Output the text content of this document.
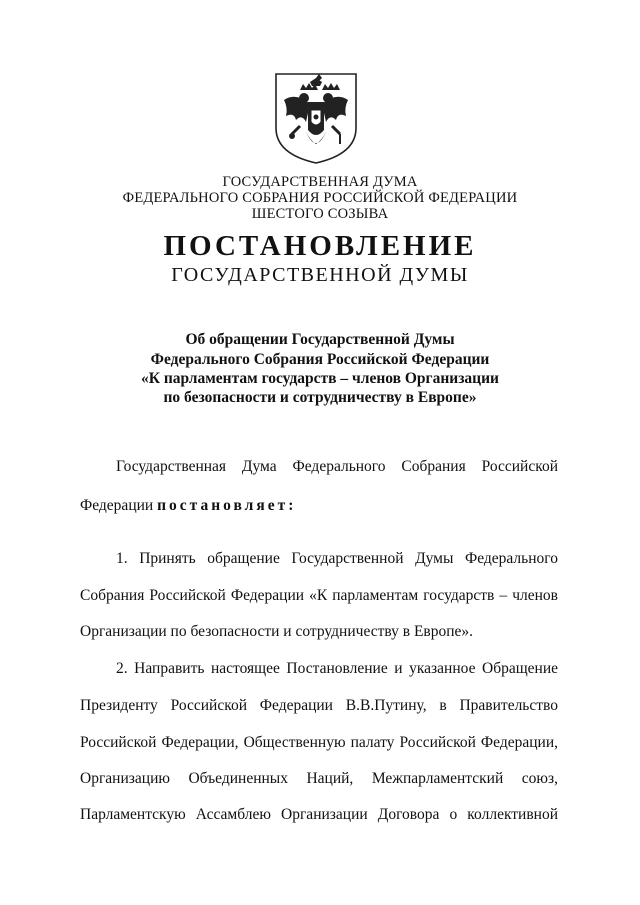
ГОСУДАРСТВЕННАЯ ДУМА
ФЕДЕРАЛЬНОГО СОБРАНИЯ РОССИЙСКОЙ ФЕДЕРАЦИИ
ШЕСТОГО СОЗЫВА
ПОСТАНОВЛЕНИЕ
ГОСУДАРСТВЕННОЙ ДУМЫ
Об обращении Государственной Думы
Федерального Собрания Российской Федерации
«К парламентам государств – членов Организации
по безопасности и сотрудничеству в Европе»
Государственная Дума Федерального Собрания Российской
Федерации постановляет:
1. Принять обращение Государственной Думы Федерального
Собрания Российской Федерации «К парламентам государств – членов
Организации по безопасности и сотрудничеству в Европе».
2. Направить настоящее Постановление и указанное Обращение
Президенту Российской Федерации В.В.Путину, в Правительство
Российской Федерации, Общественную палату Российской Федерации,
Организацию Объединенных Наций, Межпарламентский союз,
Парламентскую Ассамблею Организации Договора о коллективной
